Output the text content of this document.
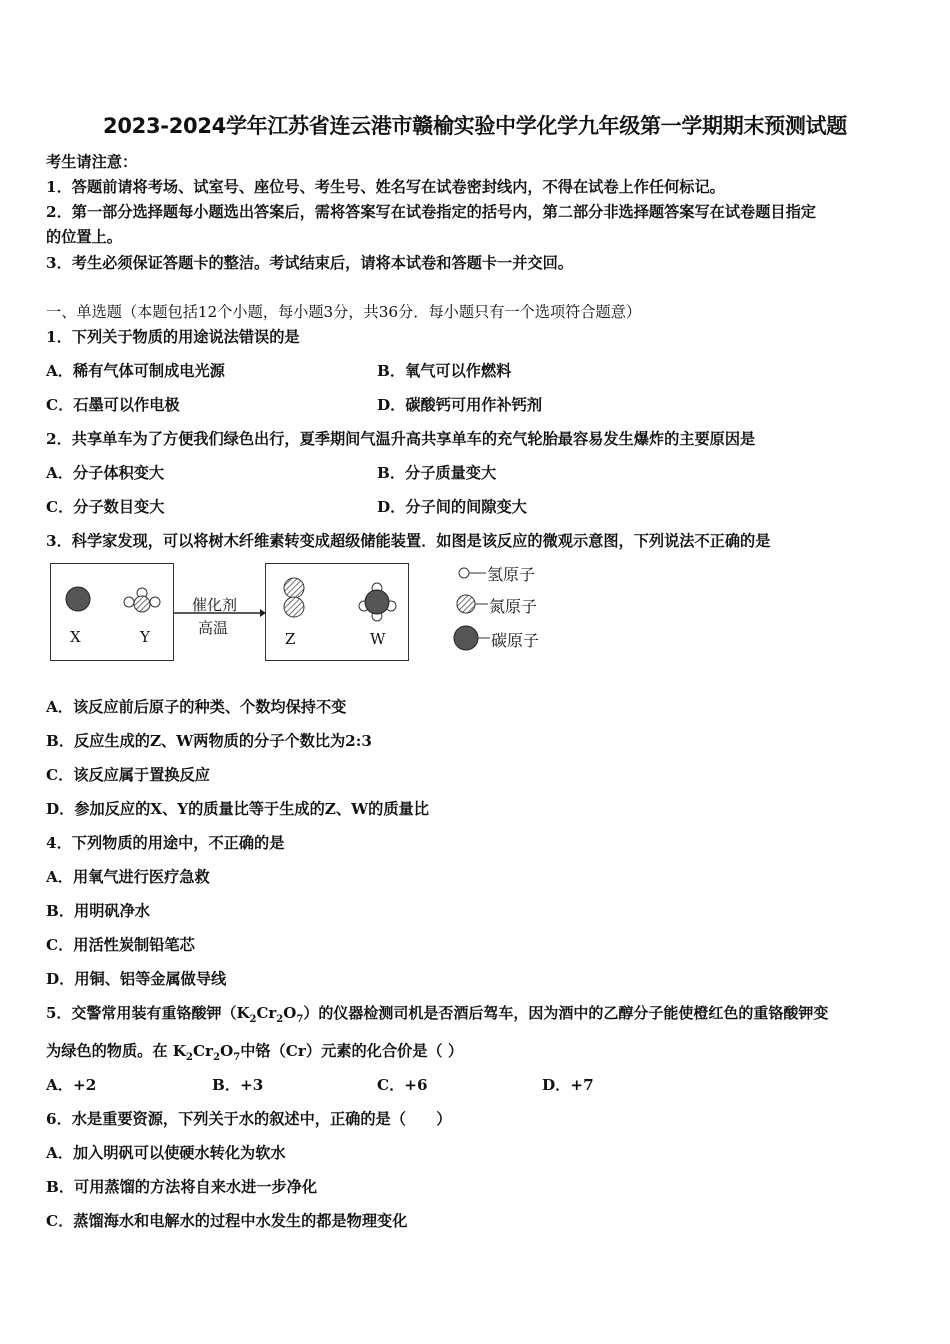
2023-2024学年江苏省连云港市赣榆实验中学化学九年级第一学期期末预测试题
考生请注意：
1．答题前请将考场、试室号、座位号、考生号、姓名写在试卷密封线内，不得在试卷上作任何标记。
2．第一部分选择题每小题选出答案后，需将答案写在试卷指定的括号内，第二部分非选择题答案写在试卷题目指定
的位置上。
3．考生必须保证答题卡的整洁。考试结束后，请将本试卷和答题卡一并交回。
一、单选题（本题包括12个小题，每小题3分，共36分．每小题只有一个选项符合题意）
1．下列关于物质的用途说法错误的是
A．稀有气体可制成电光源	B．氧气可以作燃料
C．石墨可以作电极	D．碳酸钙可用作补钙剂
2．共享单车为了方便我们绿色出行，夏季期间气温升高共享单车的充气轮胎最容易发生爆炸的主要原因是
A．分子体积变大	B．分子质量变大
C．分子数目变大	D．分子间的间隙变大
3．科学家发现，可以将树木纤维素转变成超级储能装置．如图是该反应的微观示意图，下列说法不正确的是
X	Y
催化剂
高温
Z	W
氢原子
氮原子
碳原子
A．该反应前后原子的种类、个数均保持不变
B．反应生成的Z、W两物质的分子个数比为2:3
C．该反应属于置换反应
D．参加反应的X、Y的质量比等于生成的Z、W的质量比
4．下列物质的用途中，不正确的是
A．用氧气进行医疗急救
B．用明矾净水
C．用活性炭制铅笔芯
D．用铜、铝等金属做导线
5．交警常用装有重铬酸钾$(K_2Cr_2O_7)$的仪器检测司机是否酒后驾车，因为酒中的乙醇分子能使橙红色的重铬酸钾变
为绿色的物质。在 $K_2Cr_2O_7$中铬（Cr）元素的化合价是（ ）
A．+2	B．+3	C．+6	D．+7
6．水是重要资源，下列关于水的叙述中，正确的是（　　）
A．加入明矾可以使硬水转化为软水
B．可用蒸馏的方法将自来水进一步净化
C．蒸馏海水和电解水的过程中水发生的都是物理变化
